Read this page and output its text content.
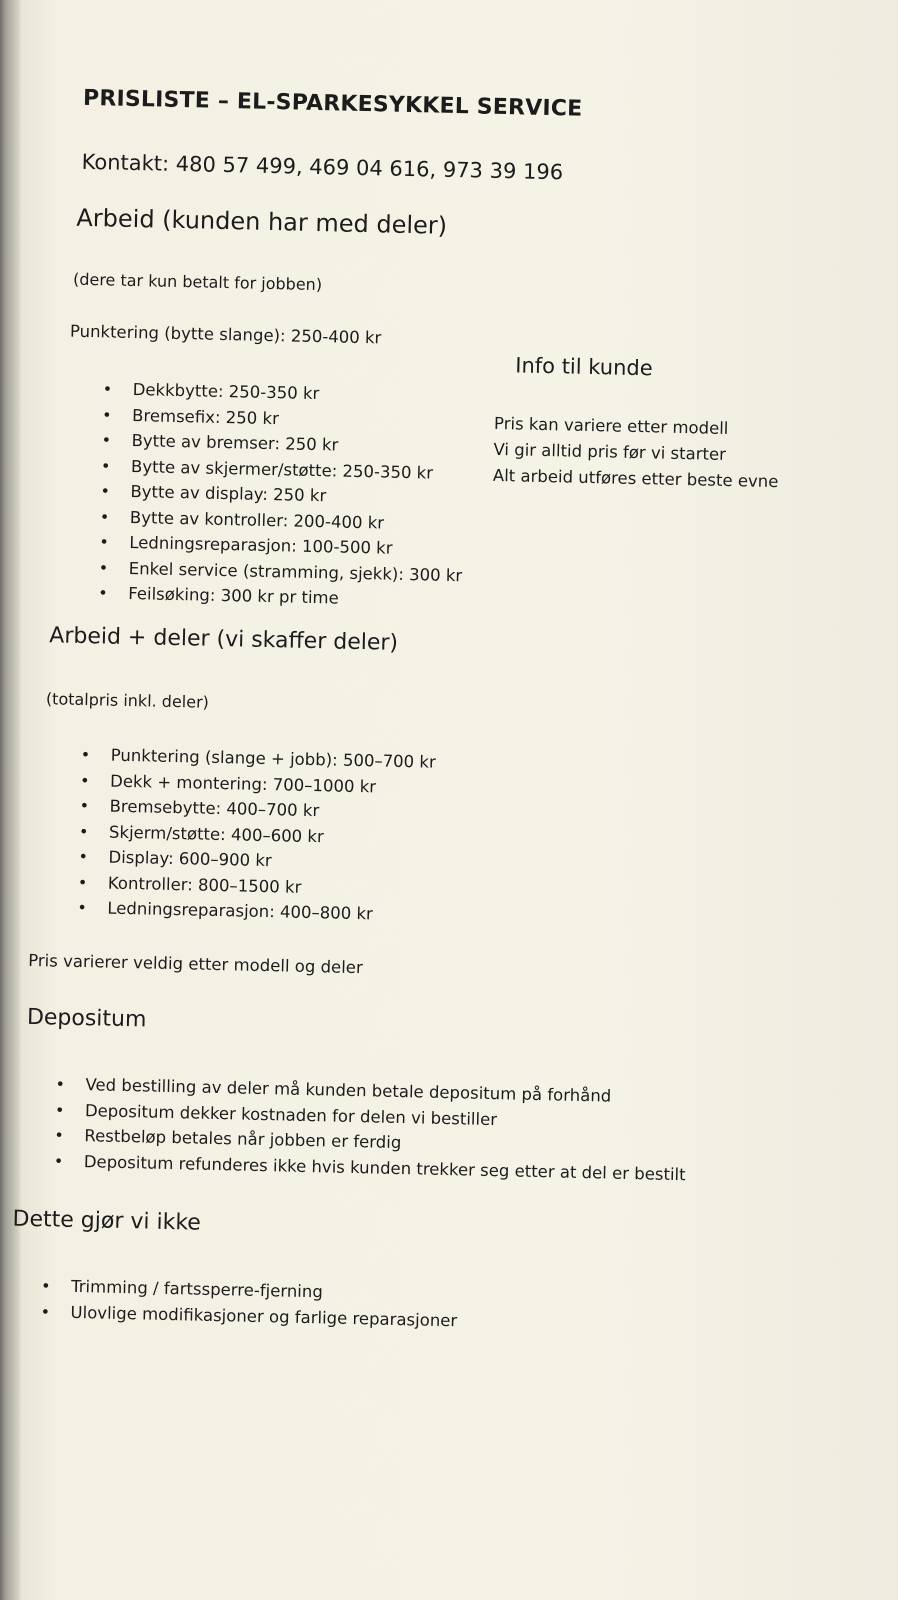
PRISLISTE – EL-SPARKESYKKEL SERVICE
Kontakt: 480 57 499, 469 04 616, 973 39 196
Arbeid (kunden har med deler)
(dere tar kun betalt for jobben)
Punktering (bytte slange): 250-400 kr
• Dekkbytte: 250-350 kr
• Bremsefix: 250 kr
• Bytte av bremser: 250 kr
• Bytte av skjermer/støtte: 250-350 kr
• Bytte av display: 250 kr
• Bytte av kontroller: 200-400 kr
• Ledningsreparasjon: 100-500 kr
• Enkel service (stramming, sjekk): 300 kr
• Feilsøking: 300 kr pr time
Info til kunde
Pris kan variere etter modell
Vi gir alltid pris før vi starter
Alt arbeid utføres etter beste evne
Arbeid + deler (vi skaffer deler)
(totalpris inkl. deler)
• Punktering (slange + jobb): 500–700 kr
• Dekk + montering: 700–1000 kr
• Bremsebytte: 400–700 kr
• Skjerm/støtte: 400–600 kr
• Display: 600–900 kr
• Kontroller: 800–1500 kr
• Ledningsreparasjon: 400–800 kr
Pris varierer veldig etter modell og deler
Depositum
• Ved bestilling av deler må kunden betale depositum på forhånd
• Depositum dekker kostnaden for delen vi bestiller
• Restbeløp betales når jobben er ferdig
• Depositum refunderes ikke hvis kunden trekker seg etter at del er bestilt
Dette gjør vi ikke
• Trimming / fartssperre-fjerning
• Ulovlige modifikasjoner og farlige reparasjoner
